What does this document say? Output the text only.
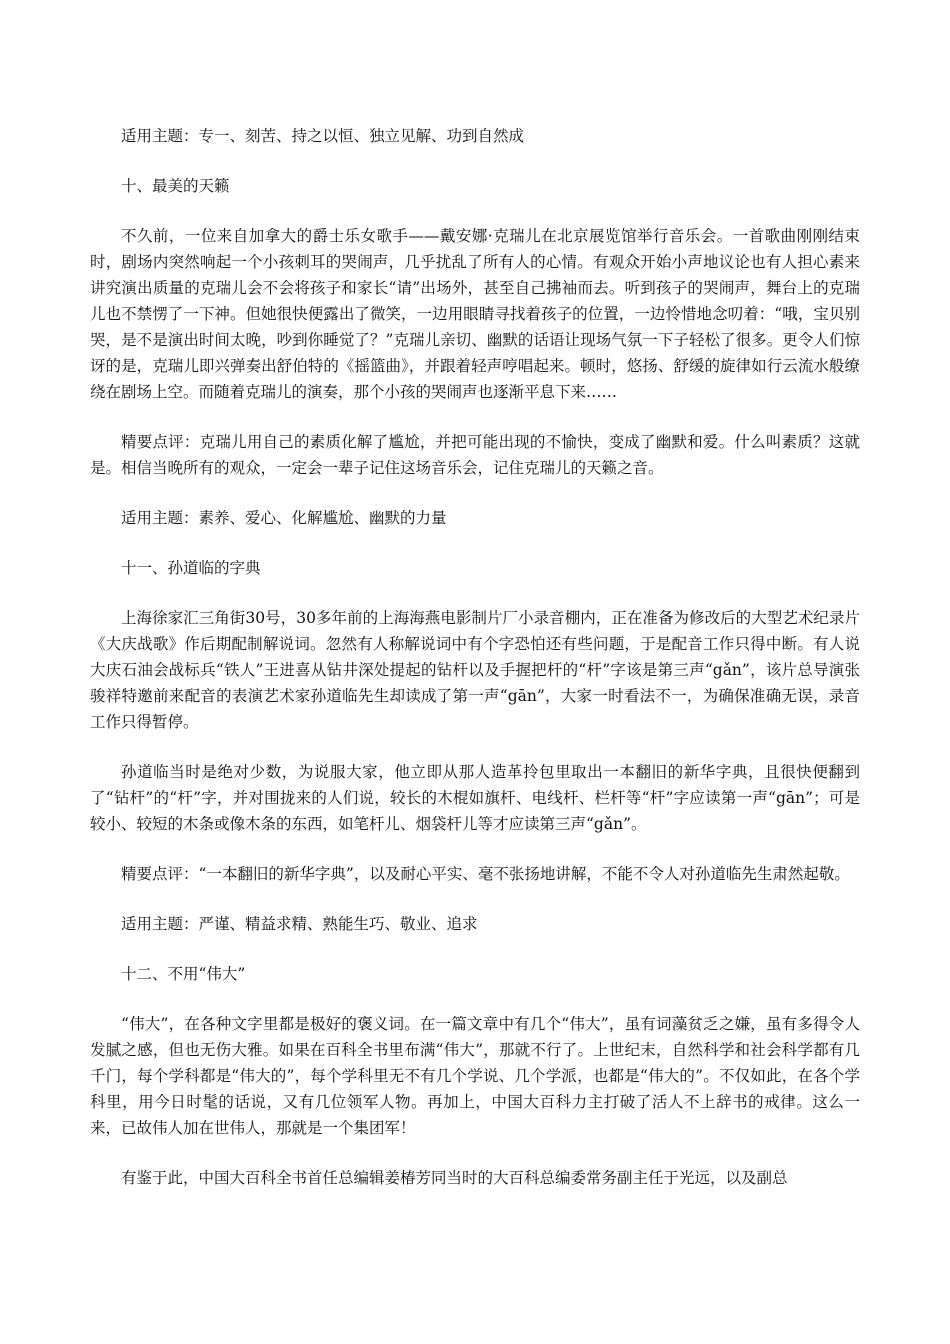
适用主题：专一、刻苦、持之以恒、独立见解、功到自然成

十、最美的天籁

不久前，一位来自加拿大的爵士乐女歌手——戴安娜·克瑞儿在北京展览馆举行音乐会。一首歌曲刚刚结束时，剧场内突然响起一个小孩刺耳的哭闹声，几乎扰乱了所有人的心情。有观众开始小声地议论也有人担心素来讲究演出质量的克瑞儿会不会将孩子和家长“请”出场外，甚至自己拂袖而去。听到孩子的哭闹声，舞台上的克瑞儿也不禁愣了一下神。但她很快便露出了微笑，一边用眼睛寻找着孩子的位置，一边怜惜地念叨着：“哦，宝贝别哭，是不是演出时间太晚，吵到你睡觉了？”克瑞儿亲切、幽默的话语让现场气氛一下子轻松了很多。更令人们惊讶的是，克瑞儿即兴弹奏出舒伯特的《摇篮曲》，并跟着轻声哼唱起来。顿时，悠扬、舒缓的旋律如行云流水般缭绕在剧场上空。而随着克瑞儿的演奏，那个小孩的哭闹声也逐渐平息下来……

精要点评：克瑞儿用自己的素质化解了尴尬，并把可能出现的不愉快，变成了幽默和爱。什么叫素质？这就是。相信当晚所有的观众，一定会一辈子记住这场音乐会，记住克瑞儿的天籁之音。

适用主题：素养、爱心、化解尴尬、幽默的力量

十一、孙道临的字典

上海徐家汇三角街30号，30多年前的上海海燕电影制片厂小录音棚内，正在准备为修改后的大型艺术纪录片《大庆战歌》作后期配制解说词。忽然有人称解说词中有个字恐怕还有些问题，于是配音工作只得中断。有人说大庆石油会战标兵“铁人”王进喜从钻井深处提起的钻杆以及手握把杆的“杆”字该是第三声“gǎn”，该片总导演张骏祥特邀前来配音的表演艺术家孙道临先生却读成了第一声“gān”，大家一时看法不一，为确保准确无误，录音工作只得暂停。

孙道临当时是绝对少数，为说服大家，他立即从那人造革拎包里取出一本翻旧的新华字典，且很快便翻到了“钻杆”的“杆”字，并对围拢来的人们说，较长的木棍如旗杆、电线杆、栏杆等“杆”字应读第一声“gān”；可是较小、较短的木条或像木条的东西，如笔杆儿、烟袋杆儿等才应读第三声“gǎn”。

精要点评：“一本翻旧的新华字典”，以及耐心平实、毫不张扬地讲解，不能不令人对孙道临先生肃然起敬。

适用主题：严谨、精益求精、熟能生巧、敬业、追求

十二、不用“伟大”

“伟大”，在各种文字里都是极好的褒义词。在一篇文章中有几个“伟大”，虽有词藻贫乏之嫌，虽有多得令人发腻之感，但也无伤大雅。如果在百科全书里布满“伟大”，那就不行了。上世纪末，自然科学和社会科学都有几千门，每个学科都是“伟大的”，每个学科里无不有几个学说、几个学派，也都是“伟大的”。不仅如此，在各个学科里，用今日时髦的话说，又有几位领军人物。再加上，中国大百科力主打破了活人不上辞书的戒律。这么一来，已故伟人加在世伟人，那就是一个集团军！

有鉴于此，中国大百科全书首任总编辑姜椿芳同当时的大百科总编委常务副主任于光远，以及副总
